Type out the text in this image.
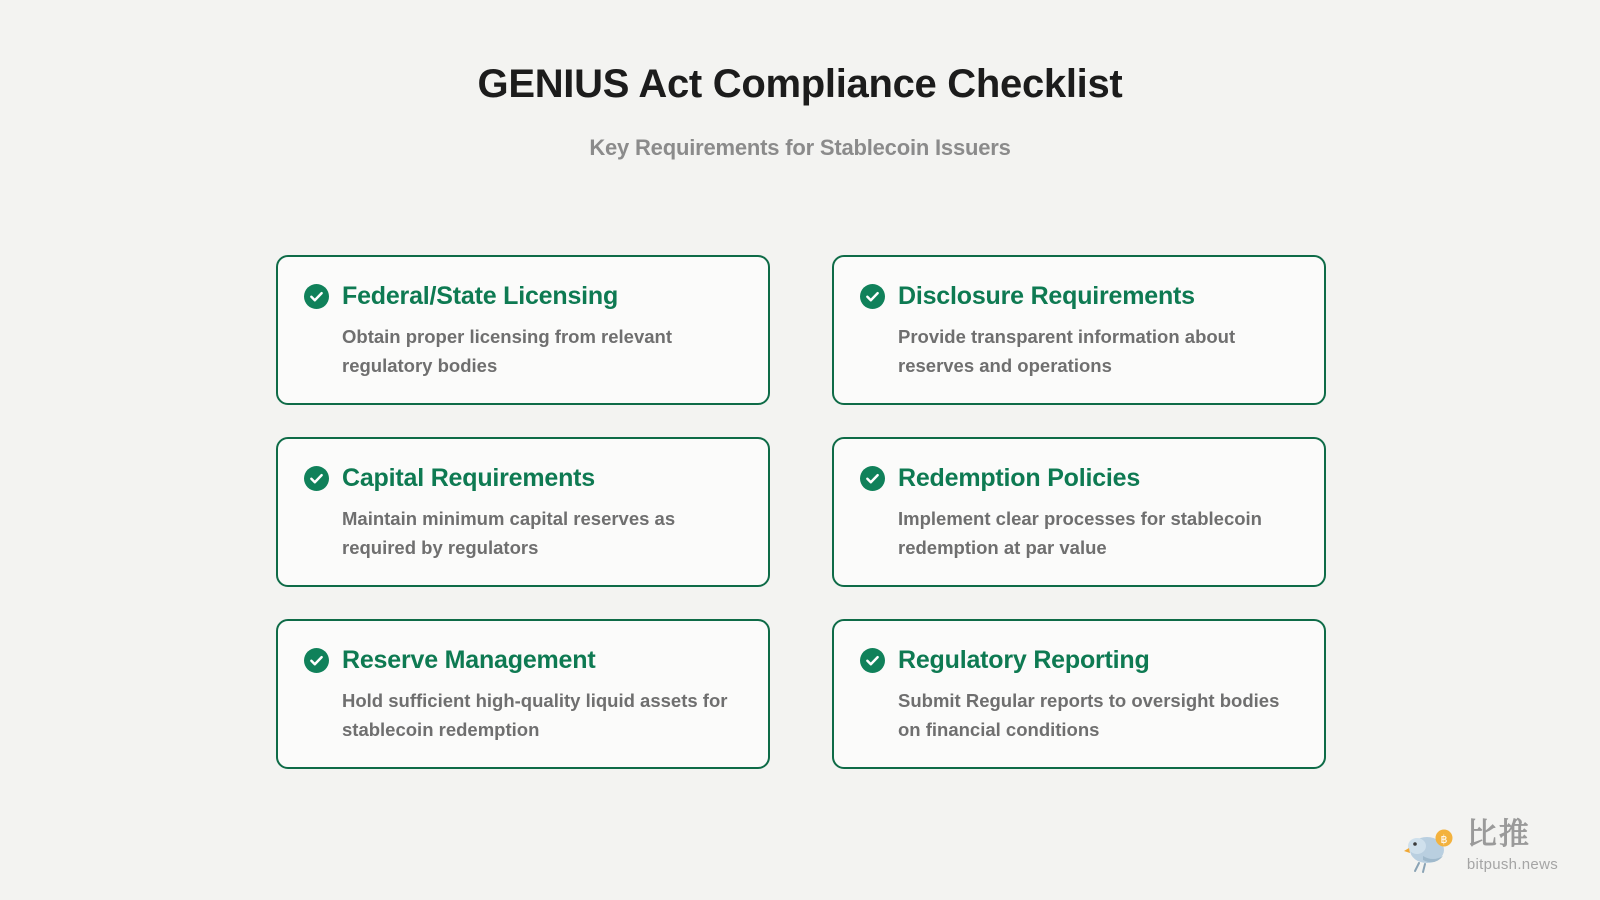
GENIUS Act Compliance Checklist

Key Requirements for Stablecoin Issuers

Federal/State Licensing
Obtain proper licensing from relevant regulatory bodies
Disclosure Requirements
Provide transparent information about reserves and operations
Capital Requirements
Maintain minimum capital reserves as required by regulators
Redemption Policies
Implement clear processes for stablecoin redemption at par value
Reserve Management
Hold sufficient high-quality liquid assets for stablecoin redemption
Regulatory Reporting
Submit Regular reports to oversight bodies on financial conditions
฿ 比推
bitpush.news
